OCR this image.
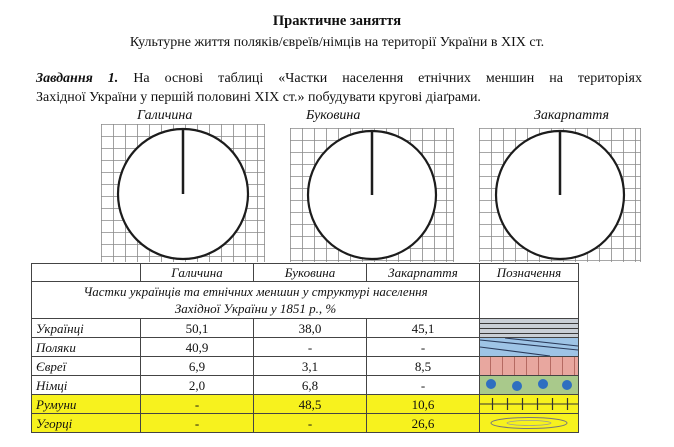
Практичне заняття
Культурне життя поляків/євреїв/німців на території України в ХІХ ст.
Завдання 1. На основі таблиці «Частки населення етнічних меншин на територіях
Західної України у першій половині ХІХ ст.» побудувати кругові діаґрами.
Галичина	Буковина	Закарпаття
	Галичина	Буковина	Закарпаття	Позначення
Частки українців та етнічних меншин у структурі населення Західної України у 1851 р., %				
Українці	50,1	38,0	45,1	

Поляки	40,9	-	-	

Євреї	6,9	3,1	8,5	

Німці	2,0	6,8	-	

Румуни	-	48,5	10,6	

Угорці	-	-	26,6	
